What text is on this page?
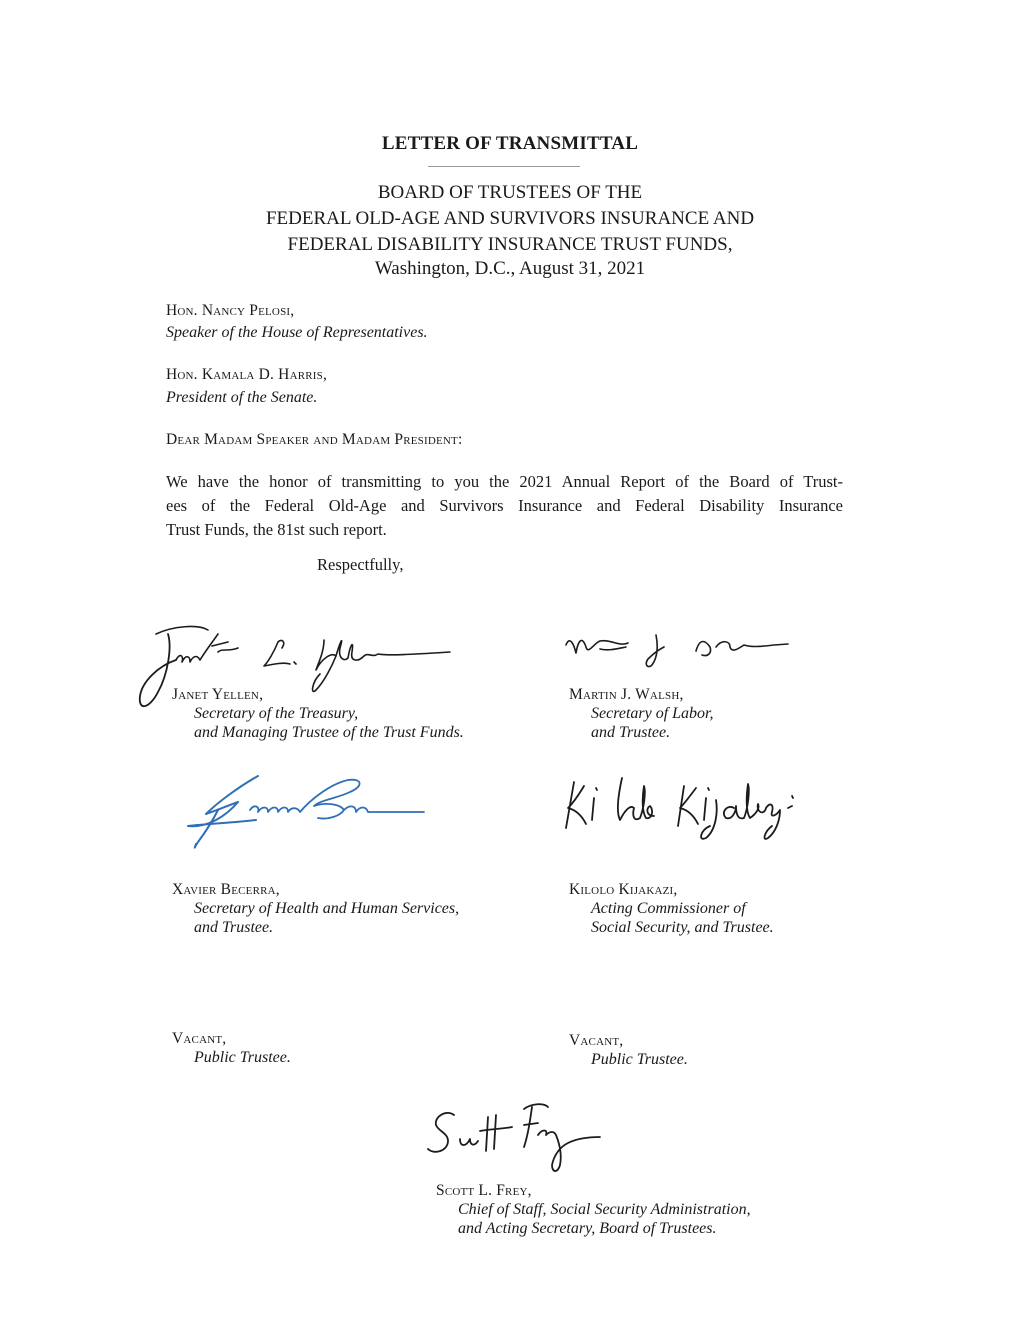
LETTER OF TRANSMITTAL
BOARD OF TRUSTEES OF THE
FEDERAL OLD-AGE AND SURVIVORS INSURANCE AND
FEDERAL DISABILITY INSURANCE TRUST FUNDS,
Washington, D.C., August 31, 2021
Hon. Nancy Pelosi,
Speaker of the House of Representatives.
Hon. Kamala D. Harris,
President of the Senate.
Dear Madam Speaker and Madam President:
We have the honor of transmitting to you the 2021 Annual Report of the Board of Trust-
ees of the Federal Old-Age and Survivors Insurance and Federal Disability Insurance
Trust Funds, the 81st such report.
Respectfully,
Janet Yellen,
Secretary of the Treasury,
and Managing Trustee of the Trust Funds.
Martin J. Walsh,
Secretary of Labor,
and Trustee.
Xavier Becerra,
Secretary of Health and Human Services,
and Trustee.
Kilolo Kijakazi,
Acting Commissioner of
Social Security, and Trustee.
Vacant,
Public Trustee.
Vacant,
Public Trustee.
Scott L. Frey,
Chief of Staff, Social Security Administration,
and Acting Secretary, Board of Trustees.
